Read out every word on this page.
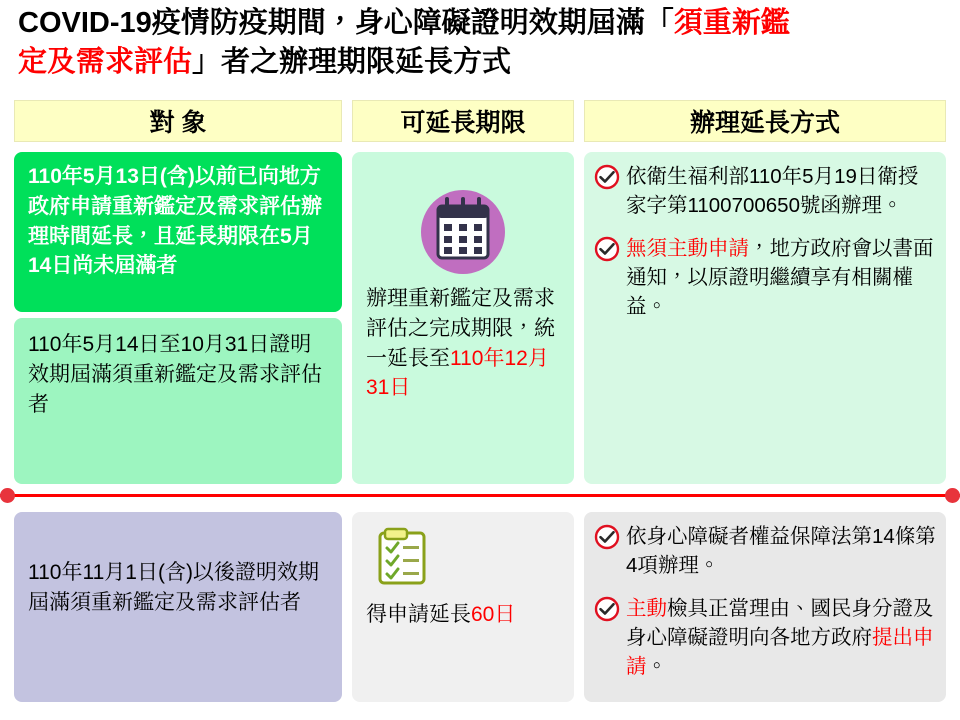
COVID-19疫情防疫期間，身心障礙證明效期屆滿「須重新鑑
定及需求評估」者之辦理期限延長方式
對 象	可延長期限	辦理延長方式
110年5月13日(含)以前已向地方政府申請重新鑑定及需求評估辦理時間延長，且延長期限在5月14日尚未屆滿者
110年5月14日至10月31日證明效期屆滿須重新鑑定及需求評估者
辦理重新鑑定及需求評估之完成期限，統一延長至110年12月31日
依衛生福利部110年5月19日衛授家字第1100700650號函辦理。
無須主動申請，地方政府會以書面通知，以原證明繼續享有相關權益。
110年11月1日(含)以後證明效期屆滿須重新鑑定及需求評估者
得申請延長60日
依身心障礙者權益保障法第14條第4項辦理。
主動檢具正當理由、國民身分證及身心障礙證明向各地方政府提出申請。
